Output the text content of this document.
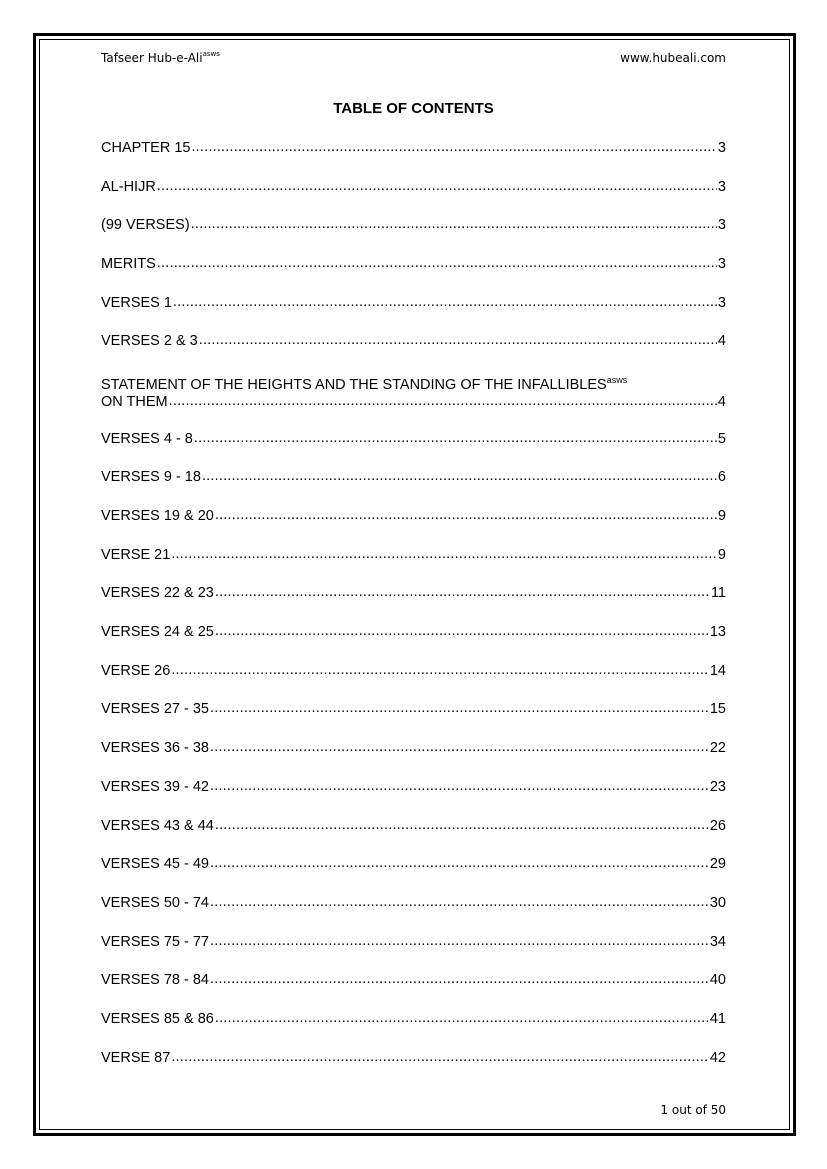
Tafseer Hub-e-Ali$^{asws}$	www.hubeali.com
TABLE OF CONTENTS
CHAPTER 15 .....	3
AL-HIJR .....	3
(99 VERSES) .....	3
MERITS .....	3
VERSES 1 .....	3
VERSES 2 & 3 .....	4
STATEMENT OF THE HEIGHTS AND THE STANDING OF THE $INFALLIBLES^{asws}$
ON THEM .....	4
VERSES 4 - 8 .....	5
VERSES 9 - 18 .....	6
VERSES 19 & 20 .....	9
VERSE 21 .....	9
VERSES 22 & 23 .....	11
VERSES 24 & 25 .....	13
VERSE 26 .....	14
VERSES 27 - 35 .....	15
VERSES 36 - 38 .....	22
VERSES 39 - 42 .....	23
VERSES 43 & 44 .....	26
VERSES 45 - 49 .....	29
VERSES 50 - 74 .....	30
VERSES 75 - 77 .....	34
VERSES 78 - 84 .....	40
VERSES 85 & 86 .....	41
VERSE 87 .....	42
1 out of 50
